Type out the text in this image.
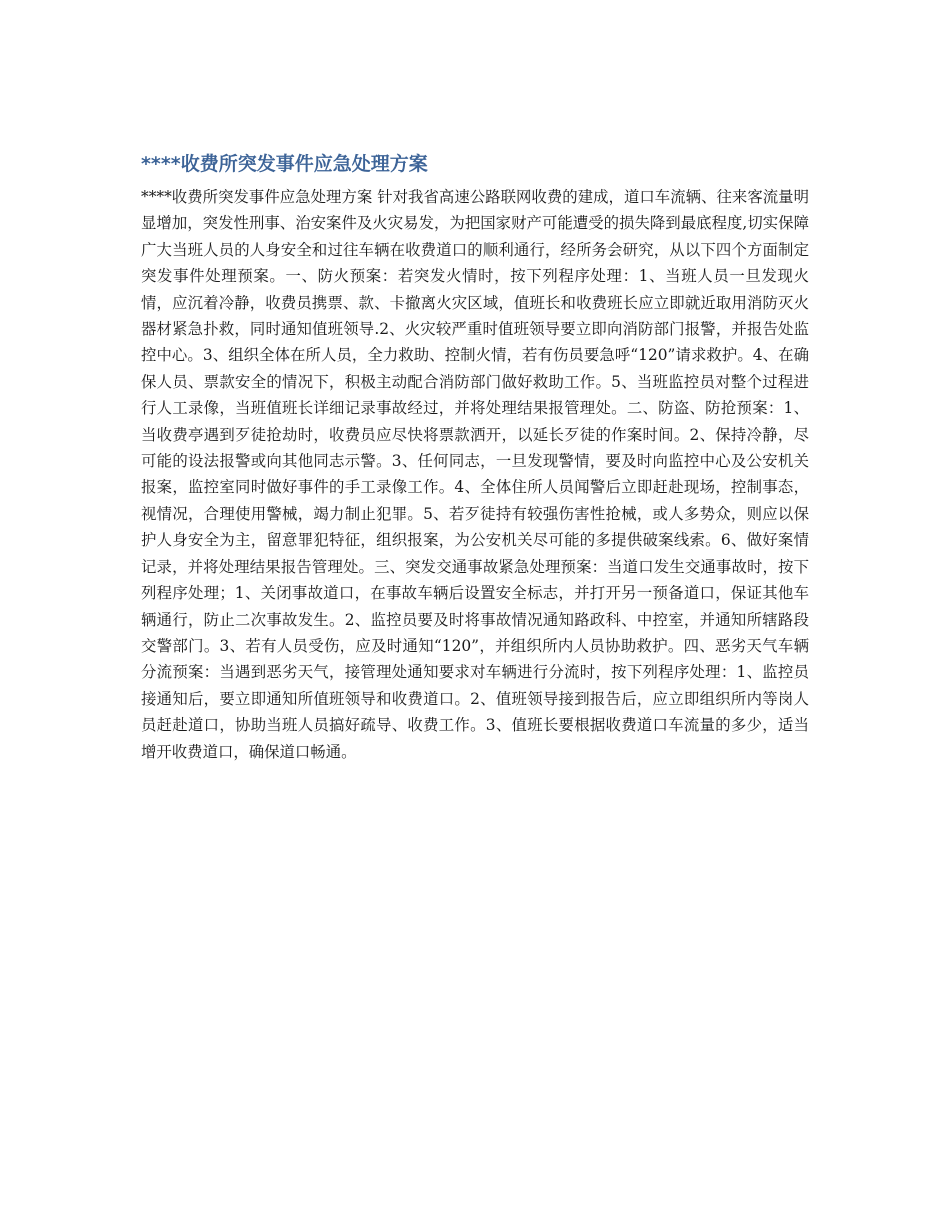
****收费所突发事件应急处理方案

****收费所突发事件应急处理方案 针对我省高速公路联网收费的建成，道口车流辆、往来客流量明显增加，突发性刑事、治安案件及火灾易发，为把国家财产可能遭受的损失降到最底程度,切实保障广大当班人员的人身安全和过往车辆在收费道口的顺利通行，经所务会研究，从以下四个方面制定突发事件处理预案。一、防火预案：若突发火情时，按下列程序处理：1、当班人员一旦发现火情，应沉着冷静，收费员携票、款、卡撤离火灾区域，值班长和收费班长应立即就近取用消防灭火器材紧急扑救，同时通知值班领导.2、火灾较严重时值班领导要立即向消防部门报警，并报告处监控中心。3、组织全体在所人员，全力救助、控制火情，若有伤员要急呼“120”请求救护。4、在确保人员、票款安全的情况下，积极主动配合消防部门做好救助工作。5、当班监控员对整个过程进行人工录像，当班值班长详细记录事故经过，并将处理结果报管理处。二、防盗、防抢预案：1、当收费亭遇到歹徒抢劫时，收费员应尽快将票款洒开，以延长歹徒的作案时间。2、保持冷静，尽可能的设法报警或向其他同志示警。3、任何同志，一旦发现警情，要及时向监控中心及公安机关报案，监控室同时做好事件的手工录像工作。4、全体住所人员闻警后立即赶赴现场，控制事态，视情况，合理使用警械，竭力制止犯罪。5、若歹徒持有较强伤害性抢械，或人多势众，则应以保护人身安全为主，留意罪犯特征，组织报案，为公安机关尽可能的多提供破案线索。6、做好案情记录，并将处理结果报告管理处。三、突发交通事故紧急处理预案：当道口发生交通事故时，按下列程序处理；1、关闭事故道口，在事故车辆后设置安全标志，并打开另一预备道口，保证其他车辆通行，防止二次事故发生。2、监控员要及时将事故情况通知路政科、中控室，并通知所辖路段交警部门。3、若有人员受伤，应及时通知“120”，并组织所内人员协助救护。四、恶劣天气车辆分流预案：当遇到恶劣天气，接管理处通知要求对车辆进行分流时，按下列程序处理：1、监控员接通知后，要立即通知所值班领导和收费道口。2、值班领导接到报告后，应立即组织所内等岗人员赶赴道口，协助当班人员搞好疏导、收费工作。3、值班长要根据收费道口车流量的多少，适当增开收费道口，确保道口畅通。
